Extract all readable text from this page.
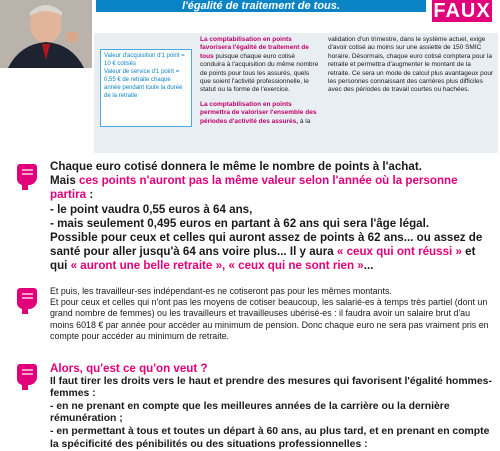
l'égalité de traitement de tous.	FAUX

Valeur d'acquisition d'1 point = 10 € cotisés

Valeur de service d'1 point = 0,55 € de retraite chaque année pendant toute la durée de la retraite

La comptabilisation en points favorisera l'égalité de traitement de tous puisque chaque euro cotisé conduira à l'acquisition du même nombre de points pour tous les assurés, quels que soient l'activité professionnelle, le statut ou la forme de l'exercice.

La comptabilisation en points permettra de valoriser l'ensemble des périodes d'activité des assurés, à la

validation d'un trimestre, dans le système actuel, exige d'avoir cotisé au moins sur une assiette de 150 SMIC horaire. Désormais, chaque euro cotisé comptera pour la retraite et permettra d'augmenter le montant de la retraite. Ce sera un mode de calcul plus avantageux pour les personnes connaissant des carrières plus difficiles avec des périodes de travail courtes ou hachées.

Chaque euro cotisé donnera le même le nombre de points à l'achat.

Mais ces points n'auront pas la même valeur selon l'année où la personne partira :

- le point vaudra 0,55 euros à 64 ans,

- mais seulement 0,495 euros en partant à 62 ans qui sera l'âge légal.

Possible pour ceux et celles qui auront assez de points à 62 ans... ou assez de santé pour aller jusqu'à 64 ans voire plus... Il y aura « ceux qui ont réussi » et qui « auront une belle retraite », « ceux qui ne sont rien »...

Et puis, les travailleur-ses indépendant-es ne cotiseront pas pour les mêmes montants.

Et pour ceux et celles qui n'ont pas les moyens de cotiser beaucoup, les salarié-es à temps très partiel (dont un grand nombre de femmes) ou les travailleurs et travailleuses ubérisé-es : il faudra avoir un salaire brut d'au moins 6018 € par année pour accéder au minimum de pension. Donc chaque euro ne sera pas vraiment pris en compte pour accéder au minimum de retraite.

Alors, qu'est ce qu'on veut ?

Il faut tirer les droits vers le haut et prendre des mesures qui favorisent l'égalité hommes-femmes :

- en ne prenant en compte que les meilleures années de la carrière ou la dernière rémunération ;

- en permettant à tous et toutes un départ à 60 ans, au plus tard, et en prenant en compte la spécificité des pénibilités ou des situations professionnelles :
